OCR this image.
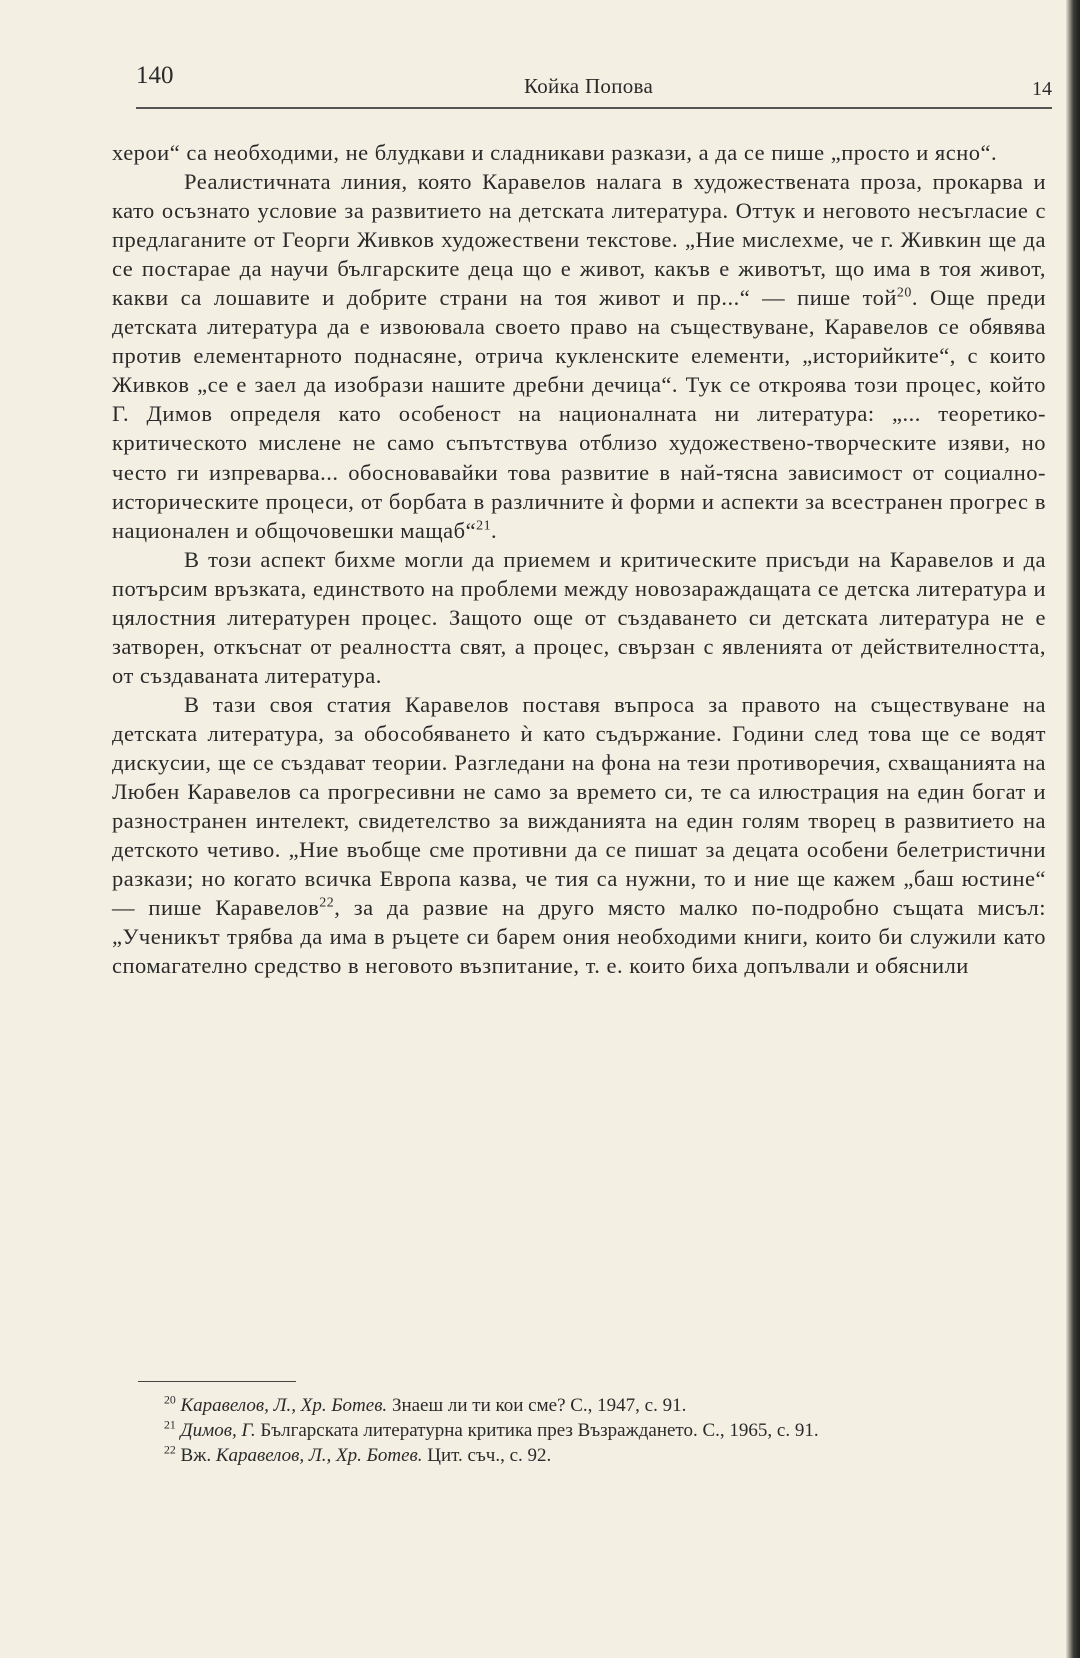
140	Койка Попова	14

херои“ са необходими, не блудкави и сладникави разкази, а да се пише „просто и ясно“.

Реалистичната линия, която Каравелов налага в художествената проза, прокарва и като осъзнато условие за развитието на детската литература. Оттук и неговото несъгласие с предлаганите от Георги Живков художествени текстове. „Ние мислехме, че г. Живкин ще да се постарае да научи българските деца що е живот, какъв е животът, що има в тоя живот, какви са лошавите и добрите страни на тоя живот и пр...“ — пише той$^{20}$. Още преди детската литература да е извоювала своето право на съществуване, Каравелов се обявява против елементарното поднасяне, отрича кукленските елементи, „историйките“, с които Живков „се е заел да изобрази нашите дребни дечица“. Тук се откроява този процес, който Г. Димов определя като особеност на националната ни литература: „... теоретико-критическото мислене не само съпътствува отблизо художествено-творческите изяви, но често ги изпреварва... обосновавайки това развитие в най-тясна зависимост от социално-историческите процеси, от борбата в различните ѝ форми и аспекти за всестранен прогрес в национален и общочовешки мащаб“$^{21}$.

В този аспект бихме могли да приемем и критическите присъди на Каравелов и да потърсим връзката, единството на проблеми между новозараждащата се детска литература и цялостния литературен процес. Защото още от създаването си детската литература не е затворен, откъснат от реалността свят, а процес, свързан с явленията от действителността, от създаваната литература.

В тази своя статия Каравелов поставя въпроса за правото на съществуване на детската литература, за обособяването ѝ като съдържание. Години след това ще се водят дискусии, ще се създават теории. Разгледани на фона на тези противоречия, схващанията на Любен Каравелов са прогресивни не само за времето си, те са илюстрация на един богат и разностранен интелект, свидетелство за вижданията на един голям творец в развитието на детското четиво. „Ние въобще сме противни да се пишат за децата особени белетристични разкази; но когато всичка Европа казва, че тия са нужни, то и ние ще кажем „баш юстине“ — пише Каравелов$^{22}$, за да развие на друго място малко по-подробно същата мисъл: „Ученикът трябва да има в ръцете си барем ония необходими книги, които би служили като спомагателно средство в неговото възпитание, т. е. които биха допълвали и обяснили

$^{20}$ Каравелов, Л., Хр. Ботев. Знаеш ли ти кои сме? С., 1947, с. 91.

$^{21}$ Димов, Г. Българската литературна критика през Възраждането. С., 1965, с. 91.

$^{22}$ Вж. Каравелов, Л., Хр. Ботев. Цит. съч., с. 92.
